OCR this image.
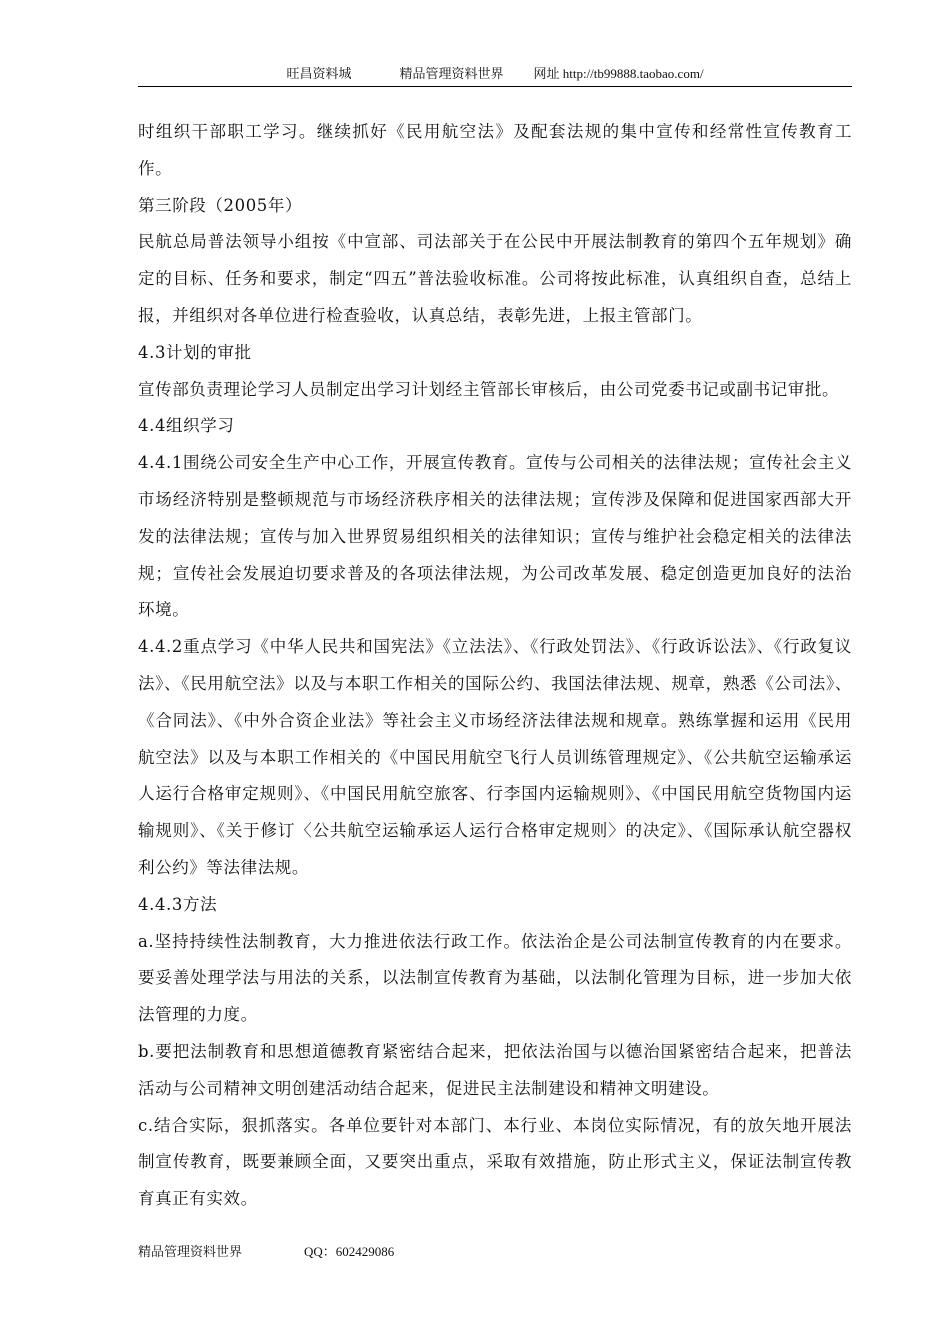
旺昌资料城	精品管理资料世界 网址 http://tb99888.taobao.com/

时组织干部职工学习。继续抓好《民用航空法》及配套法规的集中宣传和经常性宣传教育工作。

第三阶段（2005年）

民航总局普法领导小组按《中宣部、司法部关于在公民中开展法制教育的第四个五年规划》确定的目标、任务和要求，制定“四五”普法验收标准。公司将按此标准，认真组织自查，总结上报，并组织对各单位进行检查验收，认真总结，表彰先进，上报主管部门。

4.3计划的审批

宣传部负责理论学习人员制定出学习计划经主管部长审核后，由公司党委书记或副书记审批。

4.4组织学习

4.4.1围绕公司安全生产中心工作，开展宣传教育。宣传与公司相关的法律法规；宣传社会主义市场经济特别是整顿规范与市场经济秩序相关的法律法规；宣传涉及保障和促进国家西部大开发的法律法规；宣传与加入世界贸易组织相关的法律知识；宣传与维护社会稳定相关的法律法规；宣传社会发展迫切要求普及的各项法律法规，为公司改革发展、稳定创造更加良好的法治环境。

4.4.2重点学习《中华人民共和国宪法》《立法法》、《行政处罚法》、《行政诉讼法》、《行政复议法》、《民用航空法》以及与本职工作相关的国际公约、我国法律法规、规章，熟悉《公司法》、《合同法》、《中外合资企业法》等社会主义市场经济法律法规和规章。熟练掌握和运用《民用航空法》以及与本职工作相关的《中国民用航空飞行人员训练管理规定》、《公共航空运输承运人运行合格审定规则》、《中国民用航空旅客、行李国内运输规则》、《中国民用航空货物国内运输规则》、《关于修订〈公共航空运输承运人运行合格审定规则〉的决定》、《国际承认航空器权利公约》等法律法规。

4.4.3方法

a.坚持持续性法制教育，大力推进依法行政工作。依法治企是公司法制宣传教育的内在要求。要妥善处理学法与用法的关系，以法制宣传教育为基础，以法制化管理为目标，进一步加大依法管理的力度。

b.要把法制教育和思想道德教育紧密结合起来，把依法治国与以德治国紧密结合起来，把普法活动与公司精神文明创建活动结合起来，促进民主法制建设和精神文明建设。

c.结合实际，狠抓落实。各单位要针对本部门、本行业、本岗位实际情况，有的放矢地开展法制宣传教育，既要兼顾全面，又要突出重点，采取有效措施，防止形式主义，保证法制宣传教育真正有实效。

精品管理资料世界	QQ：602429086
